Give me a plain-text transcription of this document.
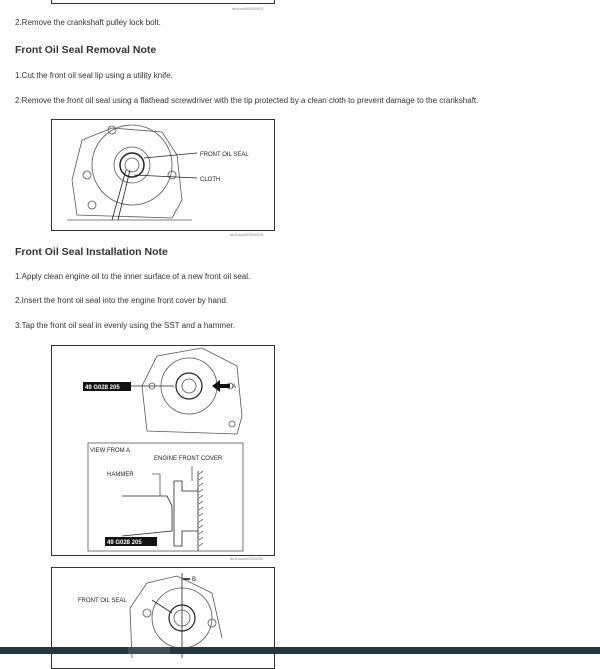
achuuw00000901
2.Remove the crankshaft pulley lock bolt.
Front Oil Seal Removal Note
1.Cut the front oil seal lip using a utility knife.
2.Remove the front oil seal using a flathead screwdriver with the tip protected by a clean cloth to prevent damage to the crankshaft.
FRONT OIL SEAL
CLOTH
am1uuw00000829
Front Oil Seal Installation Note
1.Apply clean engine oil to the inner surface of a new front oil seal.
2.Insert the front oil seal into the engine front cover by hand.
3.Tap the front oil seal in evenly using the SST and a hammer.
A
49 G028 205
VIEW FROM A
ENGINE FRONT COVER
HAMMER
49 G028 205
am1uuw00000830
B
FRONT OIL SEAL
